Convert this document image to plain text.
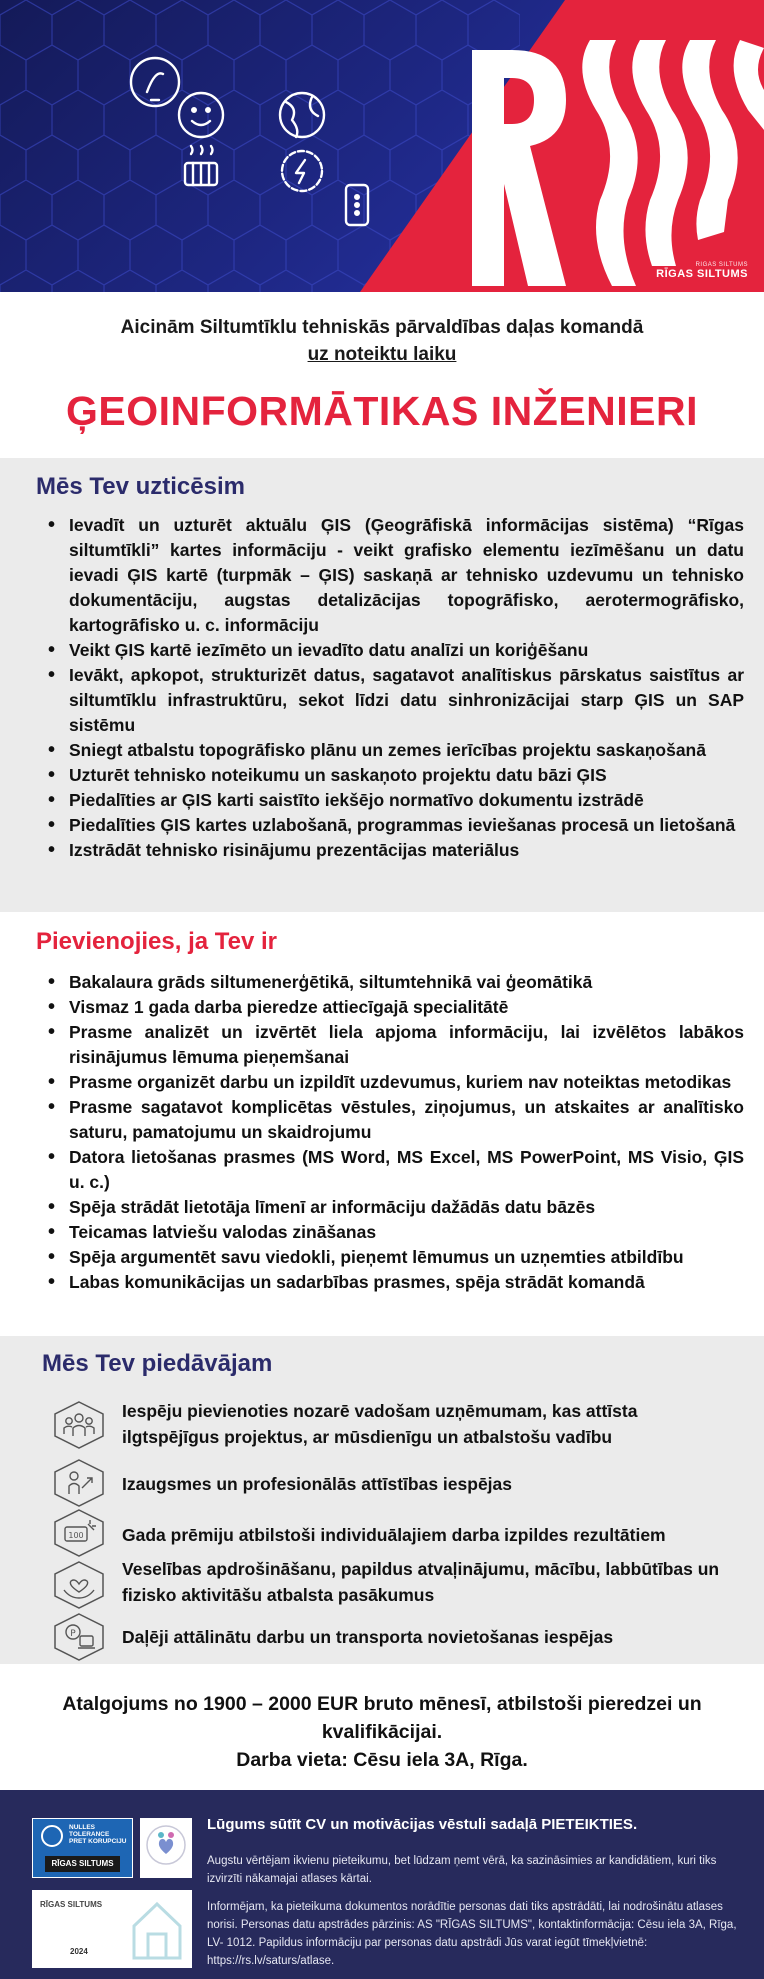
RĪGAS SILTUMS
RĪGAS SILTUMS
Aicinām Siltumtīklu tehniskās pārvaldības daļas komandā
uz noteiktu laiku
ĢEOINFORMĀTIKAS INŽENIERI
Mēs Tev uzticēsim
• Ievadīt un uzturēt aktuālu ĢIS (Ģeogrāfiskā informācijas sistēma) “Rīgas siltumtīkli” kartes informāciju - veikt grafisko elementu iezīmēšanu un datu ievadi ĢIS kartē (turpmāk – ĢIS) saskaņā ar tehnisko uzdevumu un tehnisko dokumentāciju, augstas detalizācijas topogrāfisko, aerotermogrāfisko, kartogrāfisko u. c. informāciju
• Veikt ĢIS kartē iezīmēto un ievadīto datu analīzi un koriģēšanu
• Ievākt, apkopot, strukturizēt datus, sagatavot analītiskus pārskatus saistītus ar siltumtīklu infrastruktūru, sekot līdzi datu sinhronizācijai starp ĢIS un SAP sistēmu
• Sniegt atbalstu topogrāfisko plānu un zemes ierīcības projektu saskaņošanā
• Uzturēt tehnisko noteikumu un saskaņoto projektu datu bāzi ĢIS
• Piedalīties ar ĢIS karti saistīto iekšējo normatīvo dokumentu izstrādē
• Piedalīties ĢIS kartes uzlabošanā, programmas ieviešanas procesā un lietošanā
• Izstrādāt tehnisko risinājumu prezentācijas materiālus
Pievienojies, ja Tev ir
• Bakalaura grāds siltumenerģētikā, siltumtehnikā vai ģeomātikā
• Vismaz 1 gada darba pieredze attiecīgajā specialitātē
• Prasme analizēt un izvērtēt liela apjoma informāciju, lai izvēlētos labākos risinājumus lēmuma pieņemšanai
• Prasme organizēt darbu un izpildīt uzdevumus, kuriem nav noteiktas metodikas
• Prasme sagatavot komplicētas vēstules, ziņojumus, un atskaites ar analītisko saturu, pamatojumu un skaidrojumu
• Datora lietošanas prasmes (MS Word, MS Excel, MS PowerPoint, MS Visio, ĢIS u. c.)
• Spēja strādāt lietotāja līmenī ar informāciju dažādās datu bāzēs
• Teicamas latviešu valodas zināšanas
• Spēja argumentēt savu viedokli, pieņemt lēmumus un uzņemties atbildību
• Labas komunikācijas un sadarbības prasmes, spēja strādāt komandā
Mēs Tev piedāvājam
Iespēju pievienoties nozarē vadošam uzņēmumam, kas attīsta
ilgtspējīgus projektus, ar mūsdienīgu un atbalstošu vadību
Izaugsmes un profesionālās attīstības iespējas
100 Gada prēmiju atbilstoši individuālajiem darba izpildes rezultātiem
Veselības apdrošināšanu, papildus atvaļinājumu, mācību, labbūtības un
fizisko aktivitāšu atbalsta pasākumus
P	Daļēji attālinātu darbu un transporta novietošanas iespējas
Atalgojums no 1900 – 2000 EUR bruto mēnesī, atbilstoši pieredzei un
kvalifikācijai.
Darba vieta: Cēsu iela 3A, Rīga.
NULLES TOLERANCE PRET KORUPCIJU
RĪGAS SILTUMS
RĪGAS SILTUMS
2024
Lūgums sūtīt CV un motivācijas vēstuli sadaļā PIETEIKTIES.
Augstu vērtējam ikvienu pieteikumu, bet lūdzam ņemt vērā, ka sazināsimies ar kandidātiem, kuri tiks izvirzīti nākamajai atlases kārtai.
Informējam, ka pieteikuma dokumentos norādītie personas dati tiks apstrādāti, lai nodrošinātu atlases norisi. Personas datu apstrādes pārzinis: AS "RĪGAS SILTUMS", kontaktinformācija: Cēsu iela 3A, Rīga, LV- 1012. Papildus informāciju par personas datu apstrādi Jūs varat iegūt tīmekļvietnē: https://rs.lv/saturs/atlase.
